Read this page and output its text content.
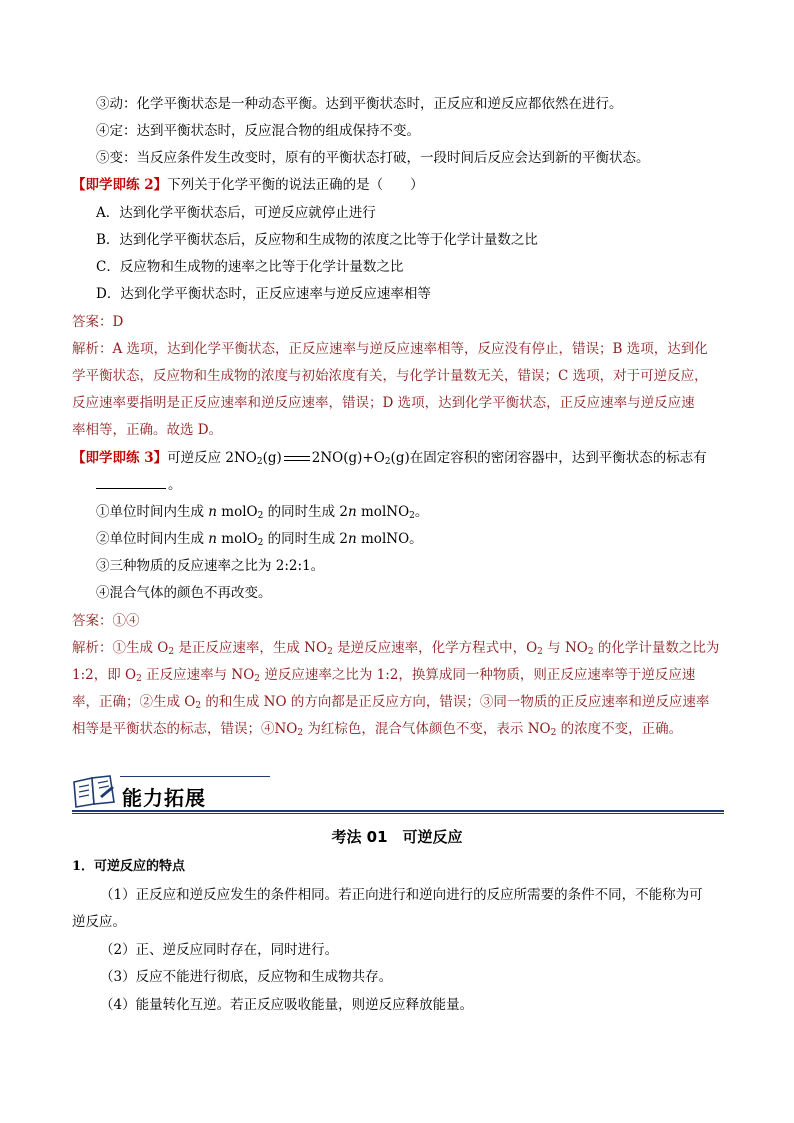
③动：化学平衡状态是一种动态平衡。达到平衡状态时，正反应和逆反应都依然在进行。
④定：达到平衡状态时，反应混合物的组成保持不变。
⑤变：当反应条件发生改变时，原有的平衡状态打破，一段时间后反应会达到新的平衡状态。
【即学即练 2】下列关于化学平衡的说法正确的是（　　）
A．达到化学平衡状态后，可逆反应就停止进行
B．达到化学平衡状态后，反应物和生成物的浓度之比等于化学计量数之比
C．反应物和生成物的速率之比等于化学计量数之比
D．达到化学平衡状态时，正反应速率与逆反应速率相等
答案：D
解析：A 选项，达到化学平衡状态，正反应速率与逆反应速率相等，反应没有停止，错误；B 选项，达到化
学平衡状态，反应物和生成物的浓度与初始浓度有关，与化学计量数无关，错误；C 选项，对于可逆反应，
反应速率要指明是正反应速率和逆反应速率，错误；D 选项，达到化学平衡状态，正反应速率与逆反应速
率相等，正确。故选 D。
【即学即练 3】可逆反应 $2NO_2(g)$ $2NO(g)+O_2(g)$在固定容积的密闭容器中，达到平衡状态的标志有
。
①单位时间内生成 n molO$_2$ 的同时生成 2n molNO$_2$。
②单位时间内生成 n molO$_2$ 的同时生成 2n molNO。
③三种物质的反应速率之比为 2:2:1。
④混合气体的颜色不再改变。
答案：①④
解析：①生成 $O_2$ 是正反应速率，生成 $NO_2$ 是逆反应速率，化学方程式中，$O_2$ 与 $NO_2$ 的化学计量数之比为
1:2，即 $O_2$ 正反应速率与 $NO_2$ 逆反应速率之比为 1:2，换算成同一种物质，则正反应速率等于逆反应速
率，正确；②生成 $O_2$ 的和生成 NO 的方向都是正反应方向，错误；③同一物质的正反应速率和逆反应速率
相等是平衡状态的标志，错误；$④NO_2$ 为红棕色，混合气体颜色不变，表示 $NO_2$ 的浓度不变，正确。
能力拓展
考法 01　可逆反应
1．可逆反应的特点
（1）正反应和逆反应发生的条件相同。若正向进行和逆向进行的反应所需要的条件不同，不能称为可
逆反应。
（2）正、逆反应同时存在，同时进行。
（3）反应不能进行彻底，反应物和生成物共存。
（4）能量转化互逆。若正反应吸收能量，则逆反应释放能量。
